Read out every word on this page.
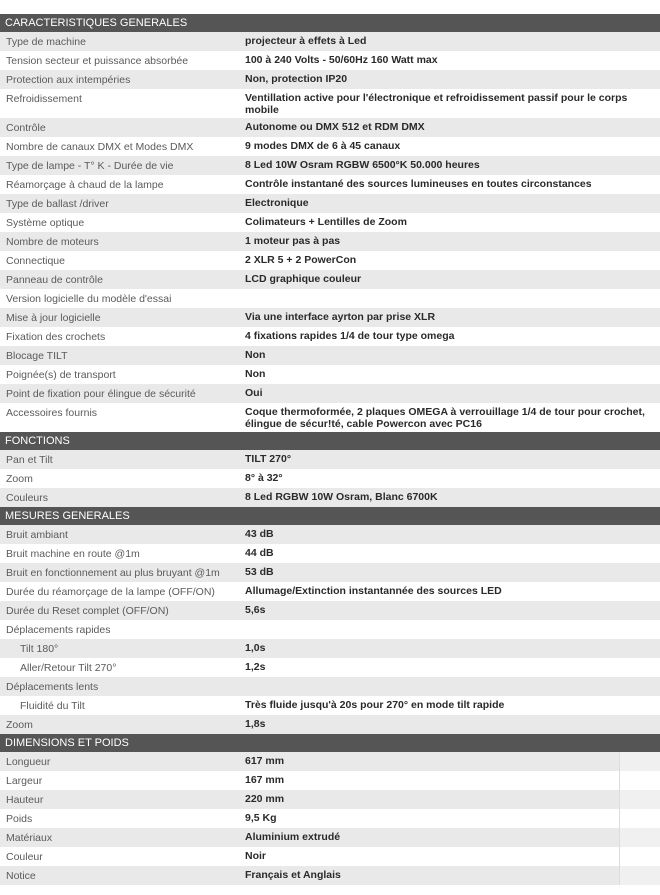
CARACTERISTIQUES GENERALES
Type de machine	projecteur à effets à Led
Tension secteur et puissance absorbée	100 à 240 Volts - 50/60Hz 160 Watt max
Protection aux intempéries	Non, protection IP20
Refroidissement	Ventillation active pour l'électronique et refroidissement passif pour le corps mobile
Contrôle	Autonome ou DMX 512 et RDM DMX
Nombre de canaux DMX et Modes DMX	9 modes DMX de 6 à 45 canaux
Type de lampe - T° K - Durée de vie	8 Led 10W Osram RGBW 6500°K 50.000 heures
Réamorçage à chaud de la lampe	Contrôle instantané des sources lumineuses en toutes circonstances
Type de ballast /driver	Electronique
Système optique	Colimateurs + Lentilles de Zoom
Nombre de moteurs	1 moteur pas à pas
Connectique	2 XLR 5 + 2 PowerCon
Panneau de contrôle	LCD graphique couleur
Version logicielle du modèle d'essai
Mise à jour logicielle	Via une interface ayrton par prise XLR
Fixation des crochets	4 fixations rapides 1/4 de tour type omega
Blocage TILT	Non
Poignée(s) de transport	Non
Point de fixation pour élingue de sécurité	Oui
Accessoires fournis	Coque thermoformée, 2 plaques OMEGA à verrouillage 1/4 de tour pour crochet, élingue de sécur!té, cable Powercon avec PC16
FONCTIONS
Pan et Tilt	TILT 270°
Zoom	8° à 32°
Couleurs	8 Led RGBW 10W Osram, Blanc 6700K
MESURES GENERALES
Bruit ambiant	43 dB
Bruit machine en route @1m	44 dB
Bruit en fonctionnement au plus bruyant @1m	53 dB
Durée du réamorçage de la lampe (OFF/ON)	Allumage/Extinction instantannée des sources LED
Durée du Reset complet (OFF/ON)	5,6s
Déplacements rapides
Tilt 180°	1,0s
Aller/Retour Tilt 270°	1,2s
Déplacements lents
Fluidité du Tilt	Très fluide jusqu'à 20s pour 270° en mode tilt rapide
Zoom	1,8s
DIMENSIONS ET POIDS
Longueur	617 mm
Largeur	167 mm
Hauteur	220 mm
Poids	9,5 Kg
Matériaux	Aluminium extrudé
Couleur	Noir
Notice	Français et Anglais
